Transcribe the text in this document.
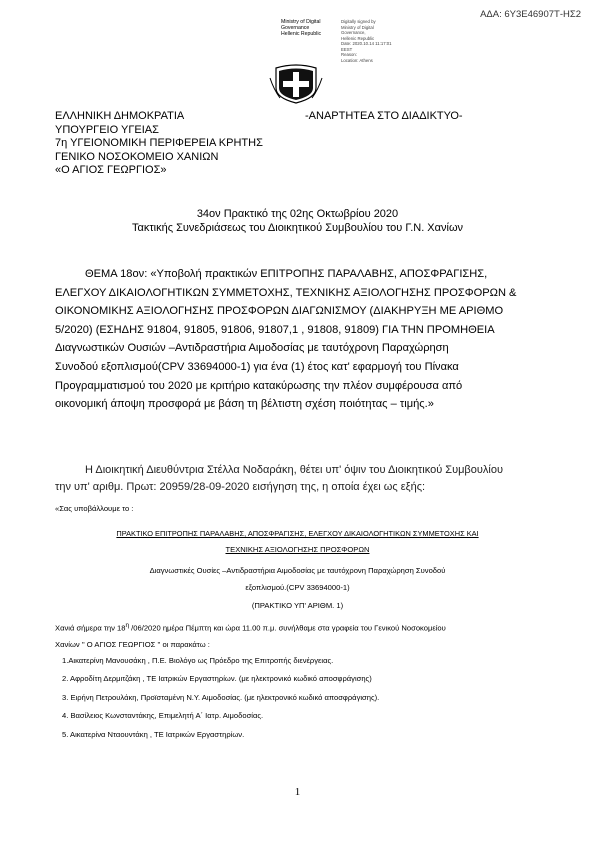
ΑΔΑ: 6Υ3Ε46907Τ-ΗΣ2
Ministry of Digital
Governance
Hellenic Republic
Digitally signed by
Ministry of Digital
Governance,
Hellenic Republic
Date: 2020.10.14 11:17:01
EEST
Reason:
Location: Athens
ΕΛΛΗΝΙΚΗ ΔΗΜΟΚΡΑΤΙΑ
ΥΠΟΥΡΓΕΙΟ ΥΓΕΙΑΣ
7η ΥΓΕΙΟΝΟΜΙΚΗ ΠΕΡΙΦΕΡΕΙΑ ΚΡΗΤΗΣ
ΓΕΝΙΚΟ ΝΟΣΟΚΟΜΕΙΟ ΧΑΝΙΩΝ
«Ο ΑΓΙΟΣ ΓΕΩΡΓΙΟΣ»
-ΑΝΑΡΤΗΤΕΑ ΣΤΟ ΔΙΑΔΙΚΤΥΟ-
34ον Πρακτικό της 02ης Οκτωβρίου 2020
Τακτικής Συνεδριάσεως του Διοικητικού Συμβουλίου του Γ.Ν. Χανίων

ΘΕΜΑ 18ον: «Υποβολή πρακτικών ΕΠΙΤΡΟΠΗΣ ΠΑΡΑΛΑΒΗΣ, ΑΠΟΣΦΡΑΓΙΣΗΣ,

ΕΛΕΓΧΟΥ ΔΙΚΑΙΟΛΟΓΗΤΙΚΩΝ ΣΥΜΜΕΤΟΧΗΣ, ΤΕΧΝΙΚΗΣ ΑΞΙΟΛΟΓΗΣΗΣ ΠΡΟΣΦΟΡΩΝ &

ΟΙΚΟΝΟΜΙΚΗΣ ΑΞΙΟΛΟΓΗΣΗΣ ΠΡΟΣΦΟΡΩΝ ΔΙΑΓΩΝΙΣΜΟΥ (ΔΙΑΚΗΡΥΞΗ ΜΕ ΑΡΙΘΜΟ

5/2020) (ΕΣΗΔΗΣ 91804, 91805, 91806, 91807,1 , 91808, 91809) ΓΙΑ ΤΗΝ ΠΡΟΜΗΘΕΙΑ

Διαγνωστικών Ουσιών –Αντιδραστήρια Αιμοδοσίας με ταυτόχρονη Παραχώρηση

Συνοδού εξοπλισμού(CPV 33694000-1) για ένα (1) έτος κατ' εφαρμογή του Πίνακα

Προγραμματισμού του 2020 με κριτήριο κατακύρωσης την πλέον συμφέρουσα από

οικονομική άποψη προσφορά με βάση τη βέλτιστη σχέση ποιότητας – τιμής.»

Η Διοικητική Διευθύντρια Στέλλα Νοδαράκη, θέτει υπ' όψιν του Διοικητικού Συμβουλίου
την υπ' αριθμ. Πρωτ: 20959/28-09-2020 εισήγηση της, η οποία έχει ως εξής:
«Σας υποβάλλουμε το :
ΠΡΑΚΤΙΚΟ ΕΠΙΤΡΟΠΗΣ ΠΑΡΑΛΑΒΗΣ, ΑΠΟΣΦΡΑΓΙΣΗΣ, ΕΛΕΓΧΟΥ ΔΙΚΑΙΟΛΟΓΗΤΙΚΩΝ ΣΥΜΜΕΤΟΧΗΣ ΚΑΙ
ΤΕΧΝΙΚΗΣ ΑΞΙΟΛΟΓΗΣΗΣ ΠΡΟΣΦΟΡΩΝ
Διαγνωστικές Ουσίες –Αντιδραστήρια Αιμοδοσίας με ταυτόχρονη Παραχώρηση Συνοδού
εξοπλισμού.(CPV 33694000-1)
(ΠΡΑΚΤΙΚΟ ΥΠ' ΑΡΙΘΜ. 1)
Χανιά σήμερα την $18^\eta$ /06/2020 ημέρα Πέμπτη και ώρα 11.00 π.μ. συνήλθαμε στα γραφεία του Γενικού Νοσοκομείου
Χανίων '' Ο ΑΓΙΟΣ ΓΕΩΡΓΙΟΣ '' οι παρακάτω :
1.Αικατερίνη Μανουσάκη , Π.Ε. Βιολόγο ως Πρόεδρο της Επιτροπής διενέργειας.
2. Αφροδίτη Δερμιτζάκη , ΤΕ Ιατρικών Εργαστηρίων. (με ηλεκτρονικό κωδικό αποσφράγισης)
3. Ειρήνη Πετρουλάκη, Προϊσταμένη Ν.Υ. Αιμοδοσίας. (με ηλεκτρονικό κωδικό αποσφράγισης).
4. Βασίλειος Κωνσταντάκης, Επιμελητή Α΄ Ιατρ. Αιμοδοσίας.
5. Αικατερίνα Νταουντάκη , ΤΕ Ιατρικών Εργαστηρίων.
1
